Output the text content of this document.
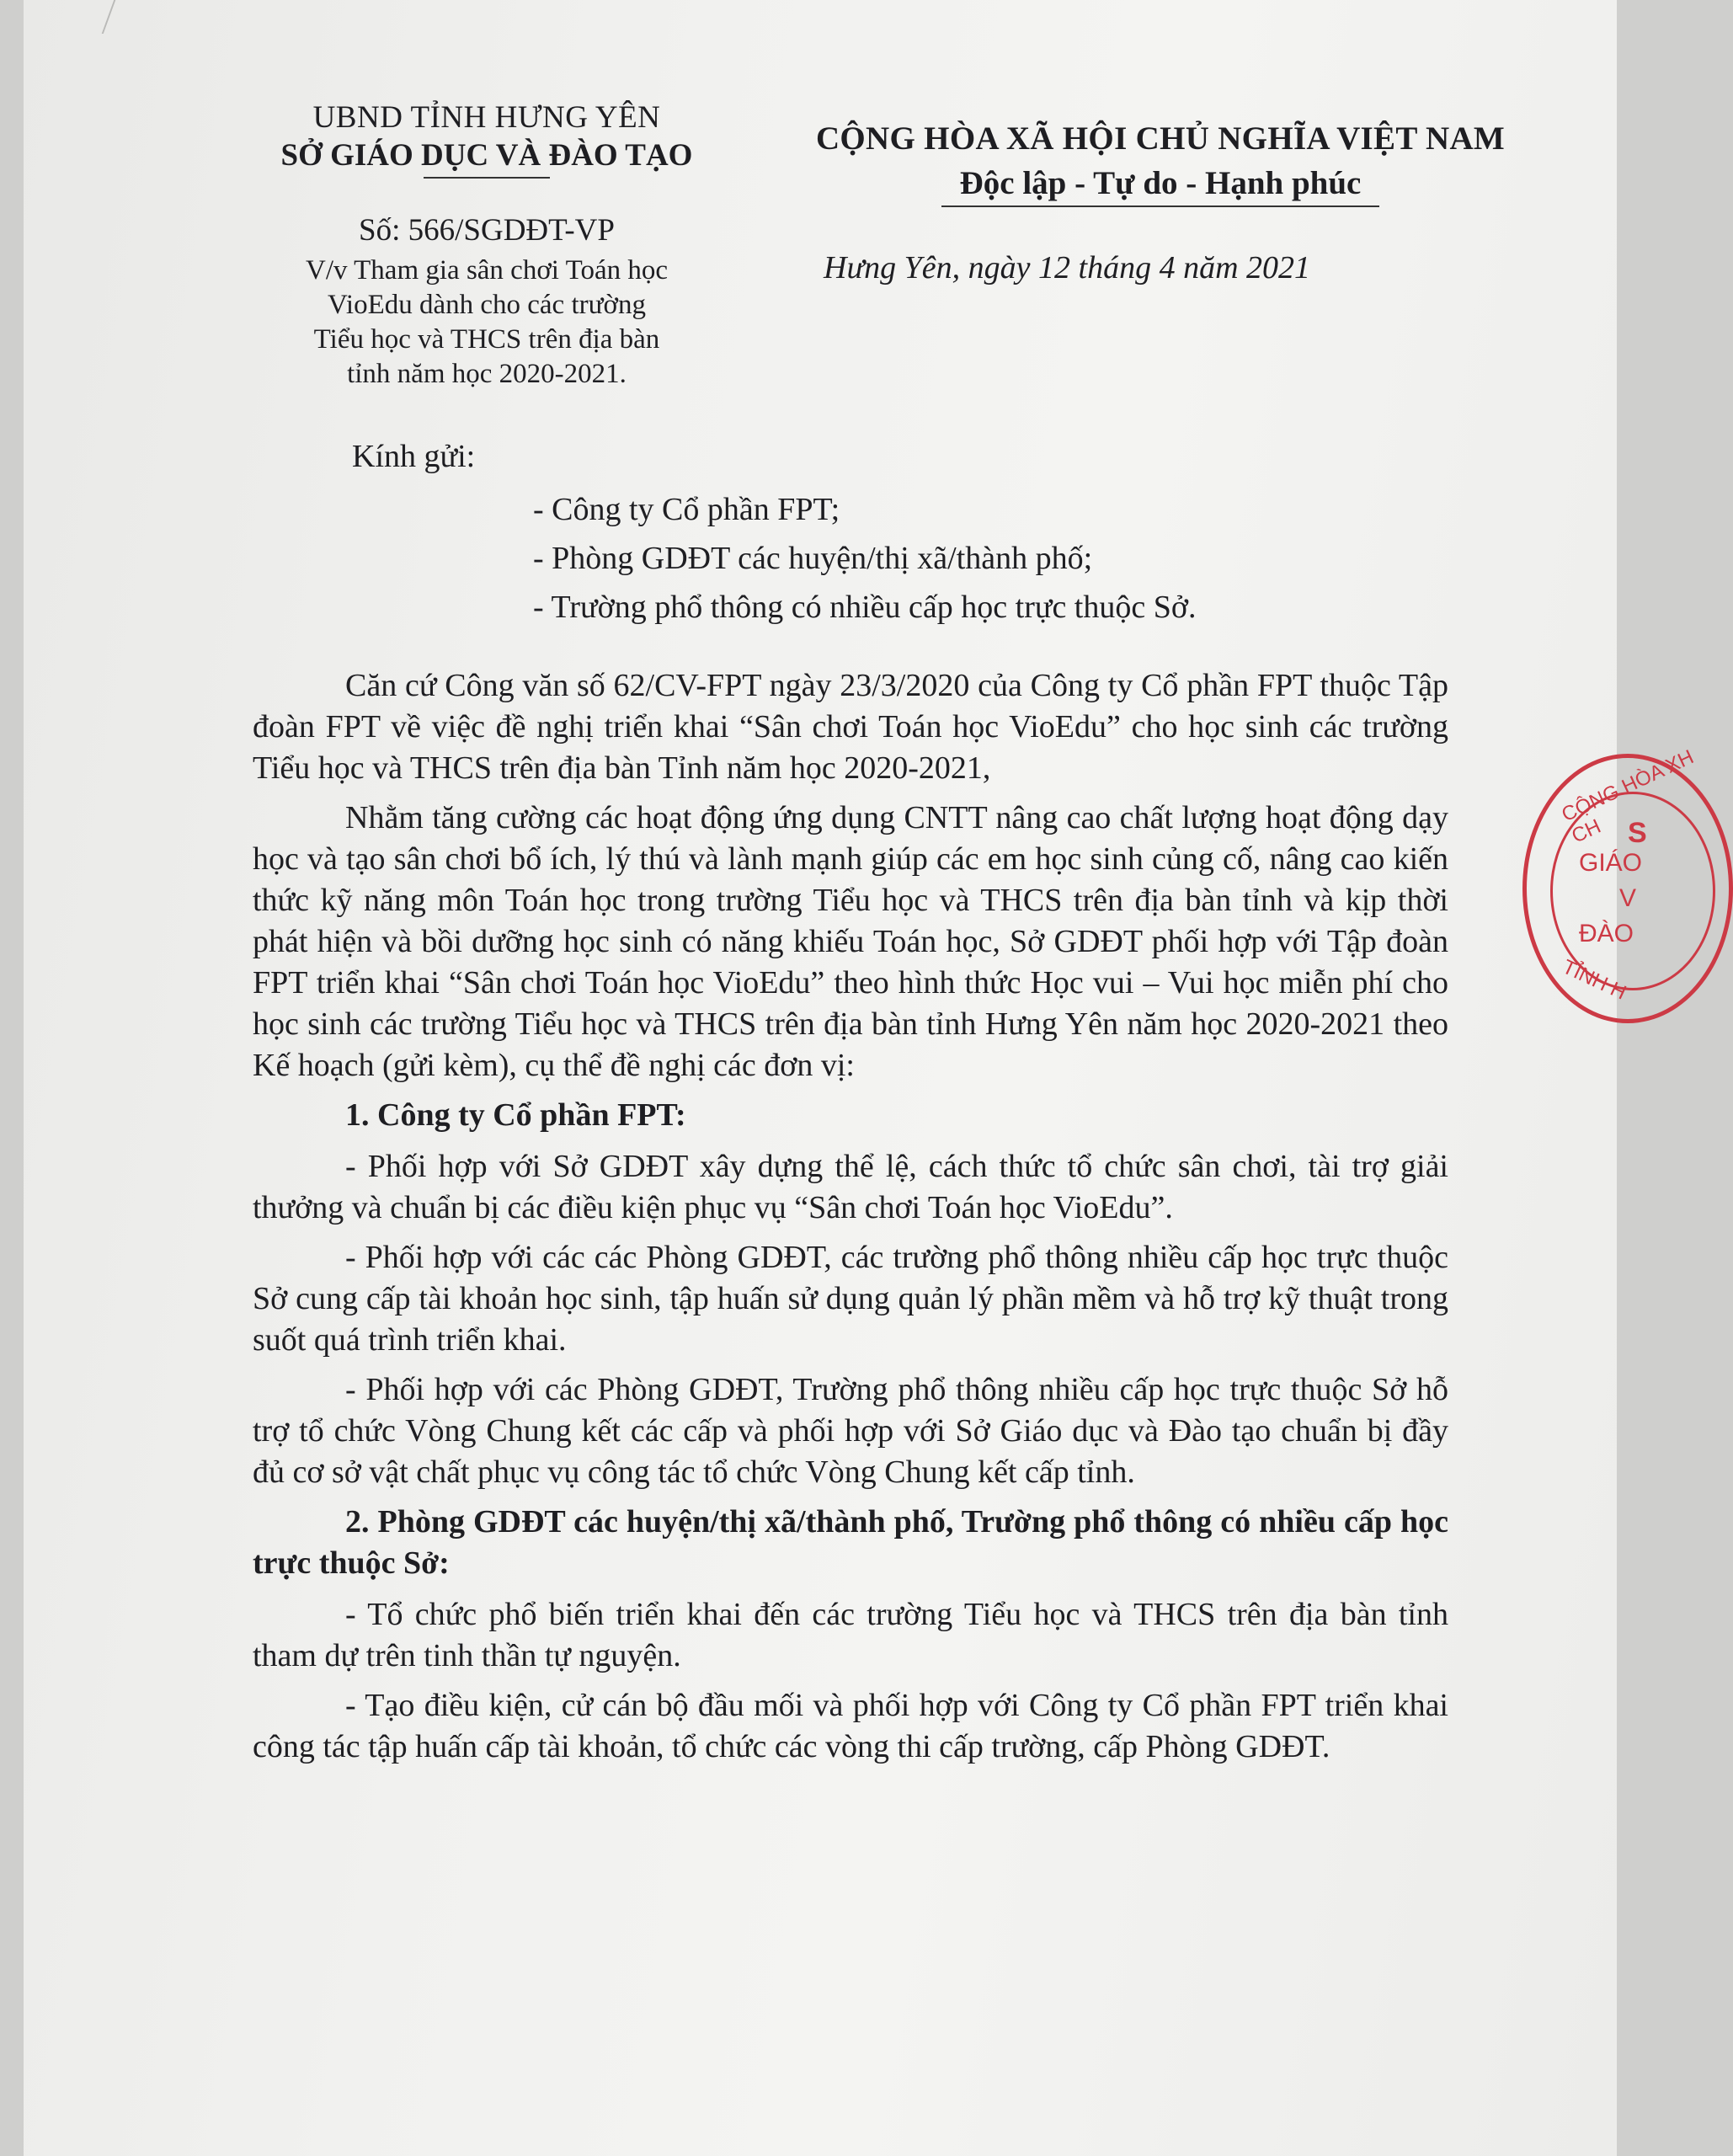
UBND TỈNH HƯNG YÊN
SỞ GIÁO DỤC VÀ ĐÀO TẠO
Số: 566/SGDĐT-VP
V/v Tham gia sân chơi Toán học
VioEdu dành cho các trường
Tiểu học và THCS trên địa bàn
tỉnh năm học 2020-2021.
CỘNG HÒA XÃ HỘI CHỦ NGHĨA VIỆT NAM
Độc lập - Tự do - Hạnh phúc
Hưng Yên, ngày 12 tháng 4 năm 2021
Kính gửi:
- Công ty Cổ phần FPT;
- Phòng GDĐT các huyện/thị xã/thành phố;
- Trường phổ thông có nhiều cấp học trực thuộc Sở.

Căn cứ Công văn số 62/CV-FPT ngày 23/3/2020 của Công ty Cổ phần FPT thuộc Tập đoàn FPT về việc đề nghị triển khai “Sân chơi Toán học VioEdu” cho học sinh các trường Tiểu học và THCS trên địa bàn Tỉnh năm học 2020-2021,

Nhằm tăng cường các hoạt động ứng dụng CNTT nâng cao chất lượng hoạt động dạy học và tạo sân chơi bổ ích, lý thú và lành mạnh giúp các em học sinh củng cố, nâng cao kiến thức kỹ năng môn Toán học trong trường Tiểu học và THCS trên địa bàn tỉnh và kịp thời phát hiện và bồi dưỡng học sinh có năng khiếu Toán học, Sở GDĐT phối hợp với Tập đoàn FPT triển khai “Sân chơi Toán học VioEdu” theo hình thức Học vui – Vui học miễn phí cho học sinh các trường Tiểu học và THCS trên địa bàn tỉnh Hưng Yên năm học 2020-2021 theo Kế hoạch (gửi kèm), cụ thể đề nghị các đơn vị:

1. Công ty Cổ phần FPT:

- Phối hợp với Sở GDĐT xây dựng thể lệ, cách thức tổ chức sân chơi, tài trợ giải thưởng và chuẩn bị các điều kiện phục vụ “Sân chơi Toán học VioEdu”.

- Phối hợp với các các Phòng GDĐT, các trường phổ thông nhiều cấp học trực thuộc Sở cung cấp tài khoản học sinh, tập huấn sử dụng quản lý phần mềm và hỗ trợ kỹ thuật trong suốt quá trình triển khai.

- Phối hợp với các Phòng GDĐT, Trường phổ thông nhiều cấp học trực thuộc Sở hỗ trợ tổ chức Vòng Chung kết các cấp và phối hợp với Sở Giáo dục và Đào tạo chuẩn bị đầy đủ cơ sở vật chất phục vụ công tác tổ chức Vòng Chung kết cấp tỉnh.

2. Phòng GDĐT các huyện/thị xã/thành phố, Trường phổ thông có nhiều cấp học trực thuộc Sở:

- Tổ chức phổ biến triển khai đến các trường Tiểu học và THCS trên địa bàn tỉnh tham dự trên tinh thần tự nguyện.

- Tạo điều kiện, cử cán bộ đầu mối và phối hợp với Công ty Cổ phần FPT triển khai công tác tập huấn cấp tài khoản, tổ chức các vòng thi cấp trường, cấp Phòng GDĐT.

CỘNG HÒA XH CH S
GIÁO
V
ĐÀO
TỈNH H
